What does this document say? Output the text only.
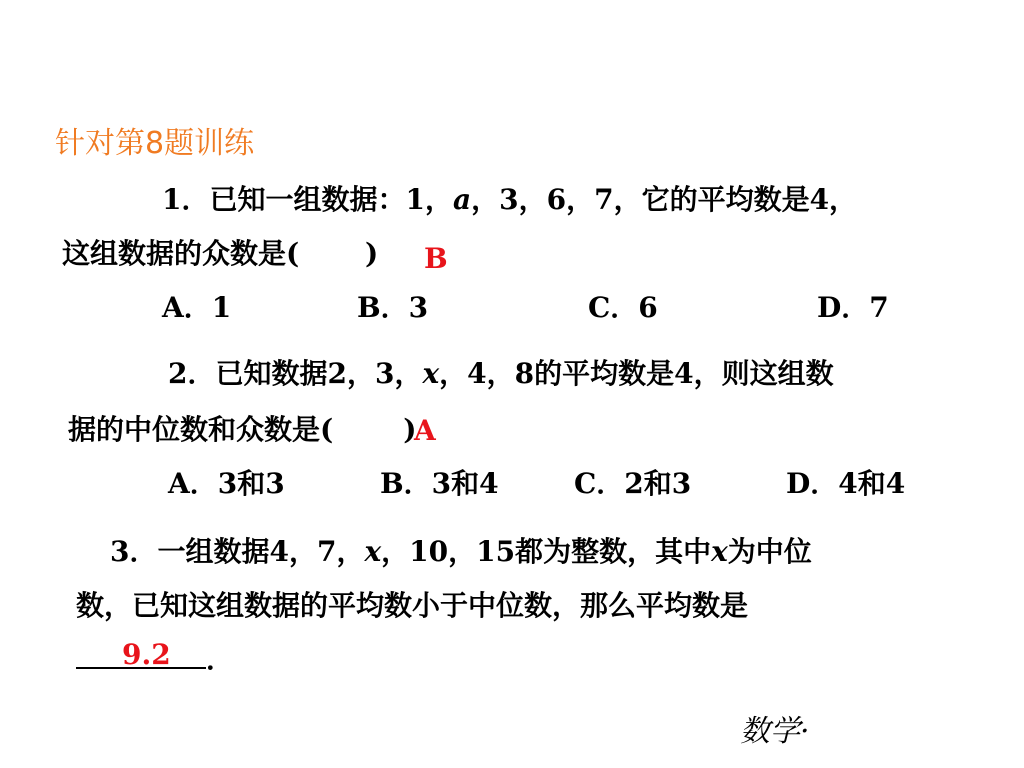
针对第8题训练
1．已知一组数据：1，a，3，6，7，它的平均数是4，
这组数据的众数是(　　 ) B
A．1	B．3	C．6	D．7
2．已知数据2，3，x，4，8的平均数是4，则这组数
据的中位数和众数是(	)
A
A．3和3	B．3和4	C．2和3	D．4和4
3．一组数据4，7，x，10，15都为整数，其中x为中位
数，已知这组数据的平均数小于中位数，那么平均数是
．
9.2
数学·
